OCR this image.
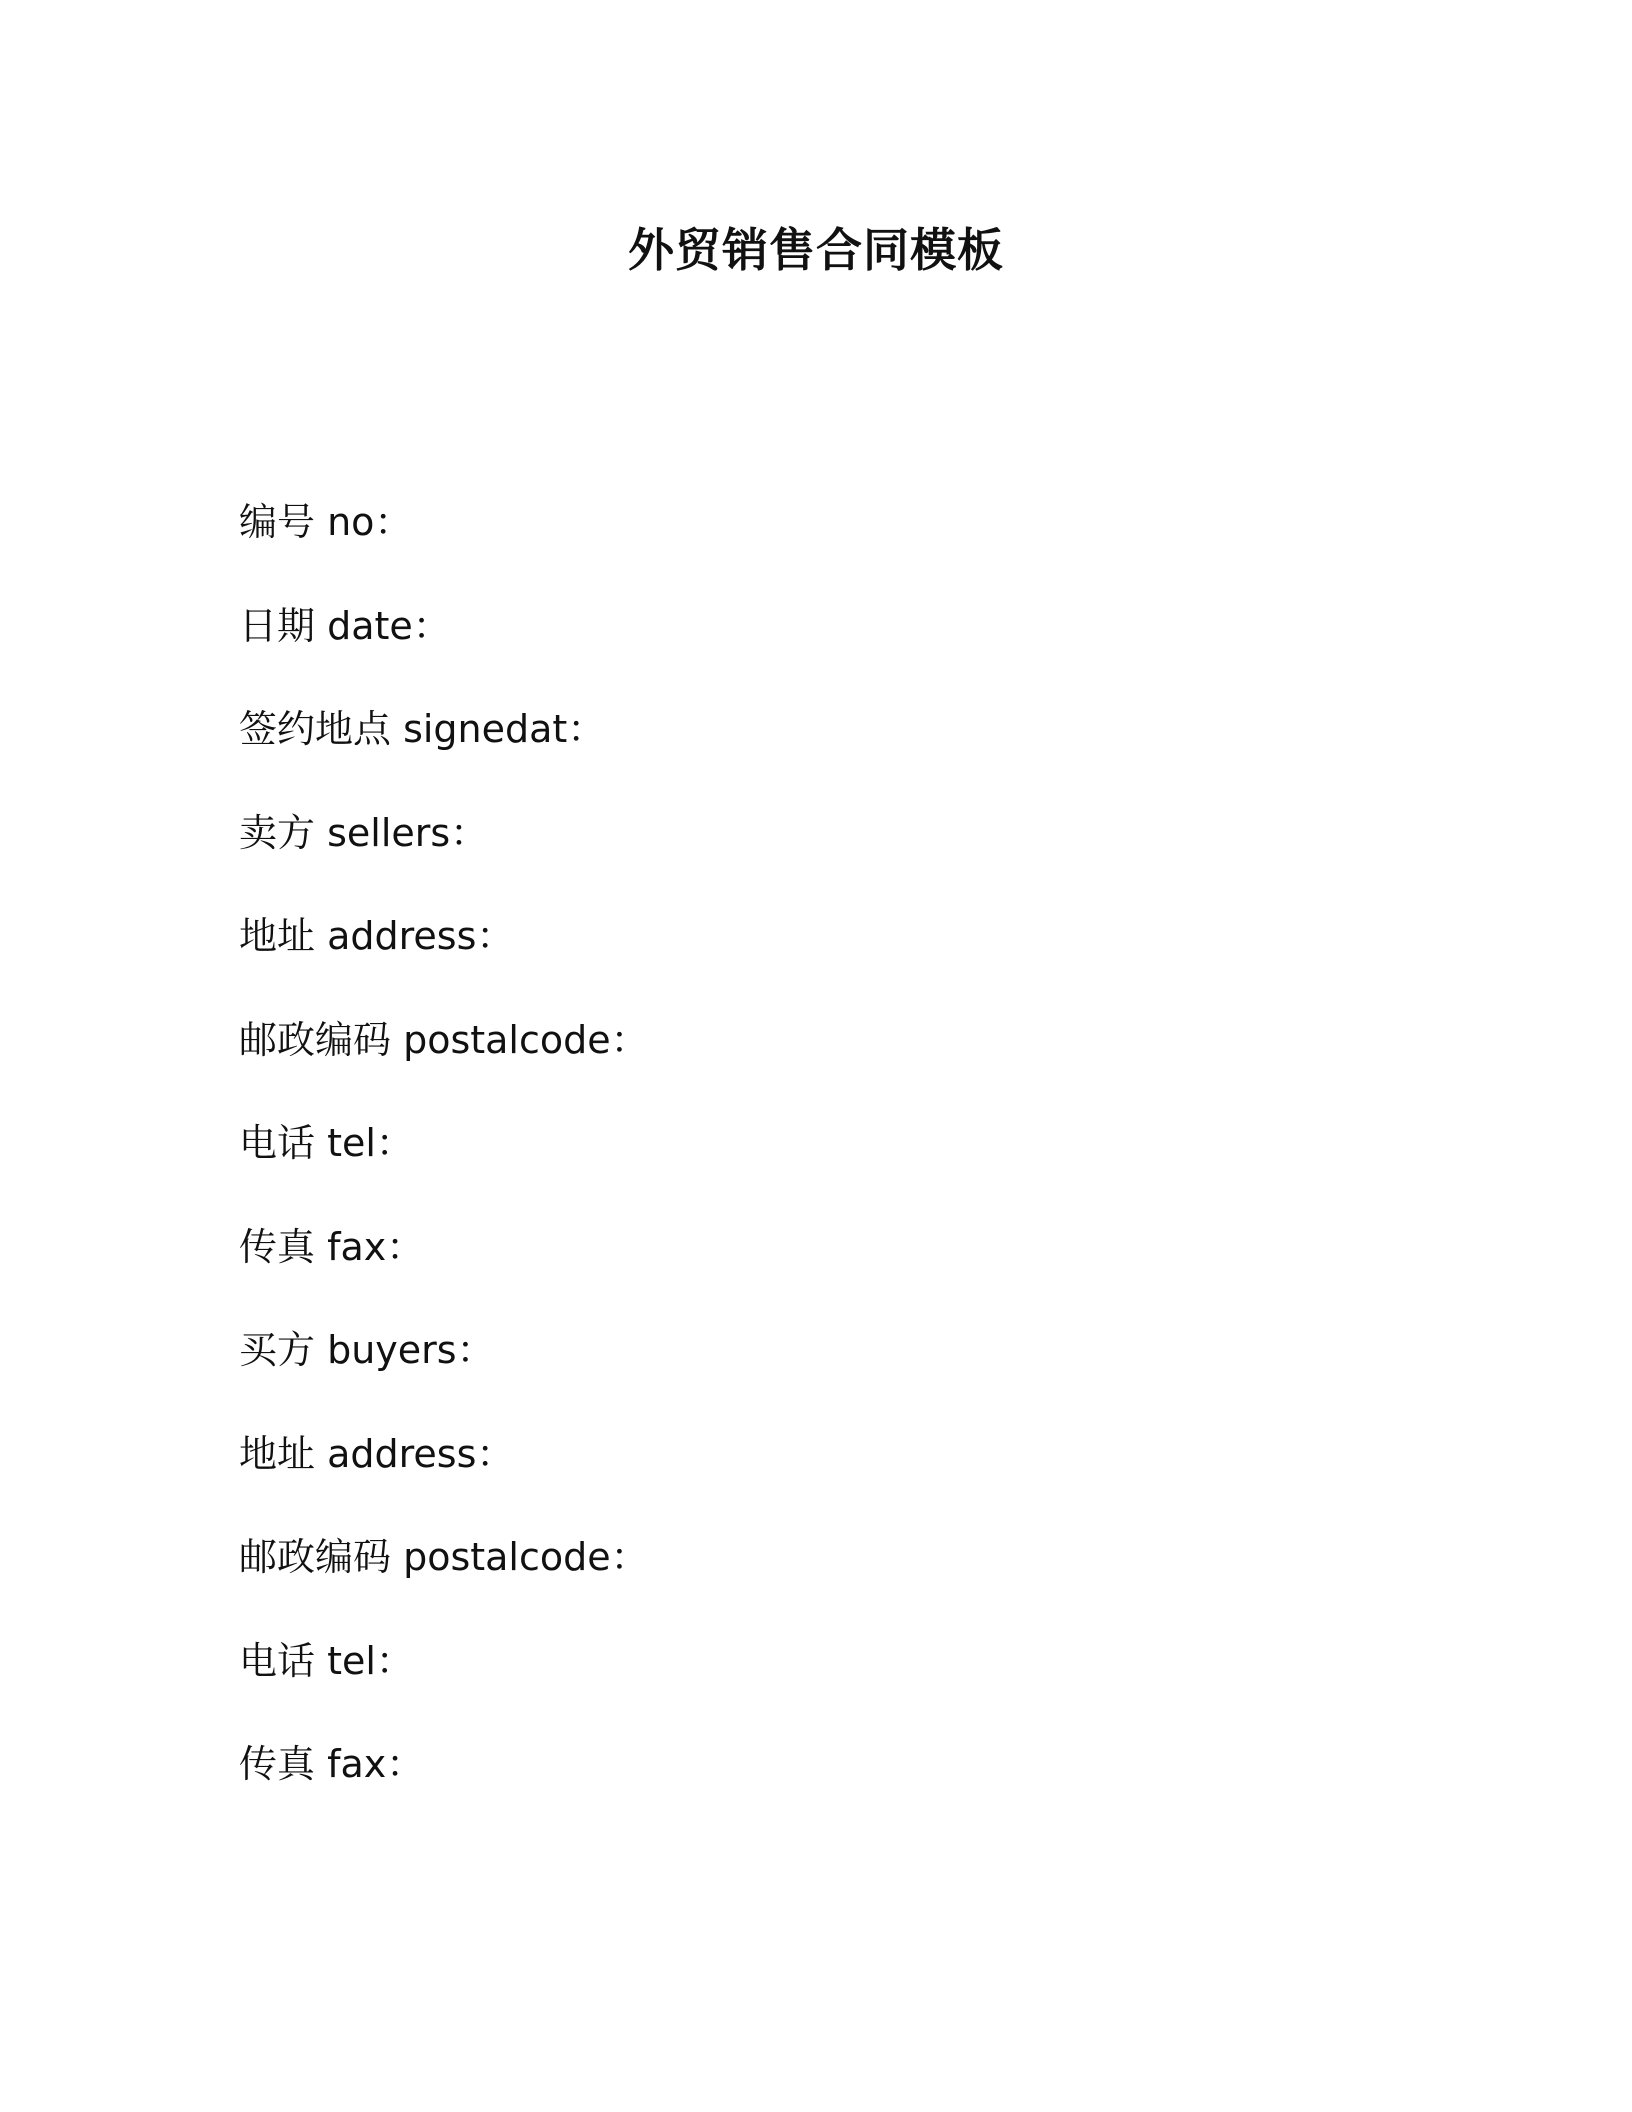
外贸销售合同模板
编号 no：
日期 date：
签约地点 signedat：
卖方 sellers：
地址 address：
邮政编码 postalcode：
电话 tel：
传真 fax：
买方 buyers：
地址 address：
邮政编码 postalcode：
电话 tel：
传真 fax：
